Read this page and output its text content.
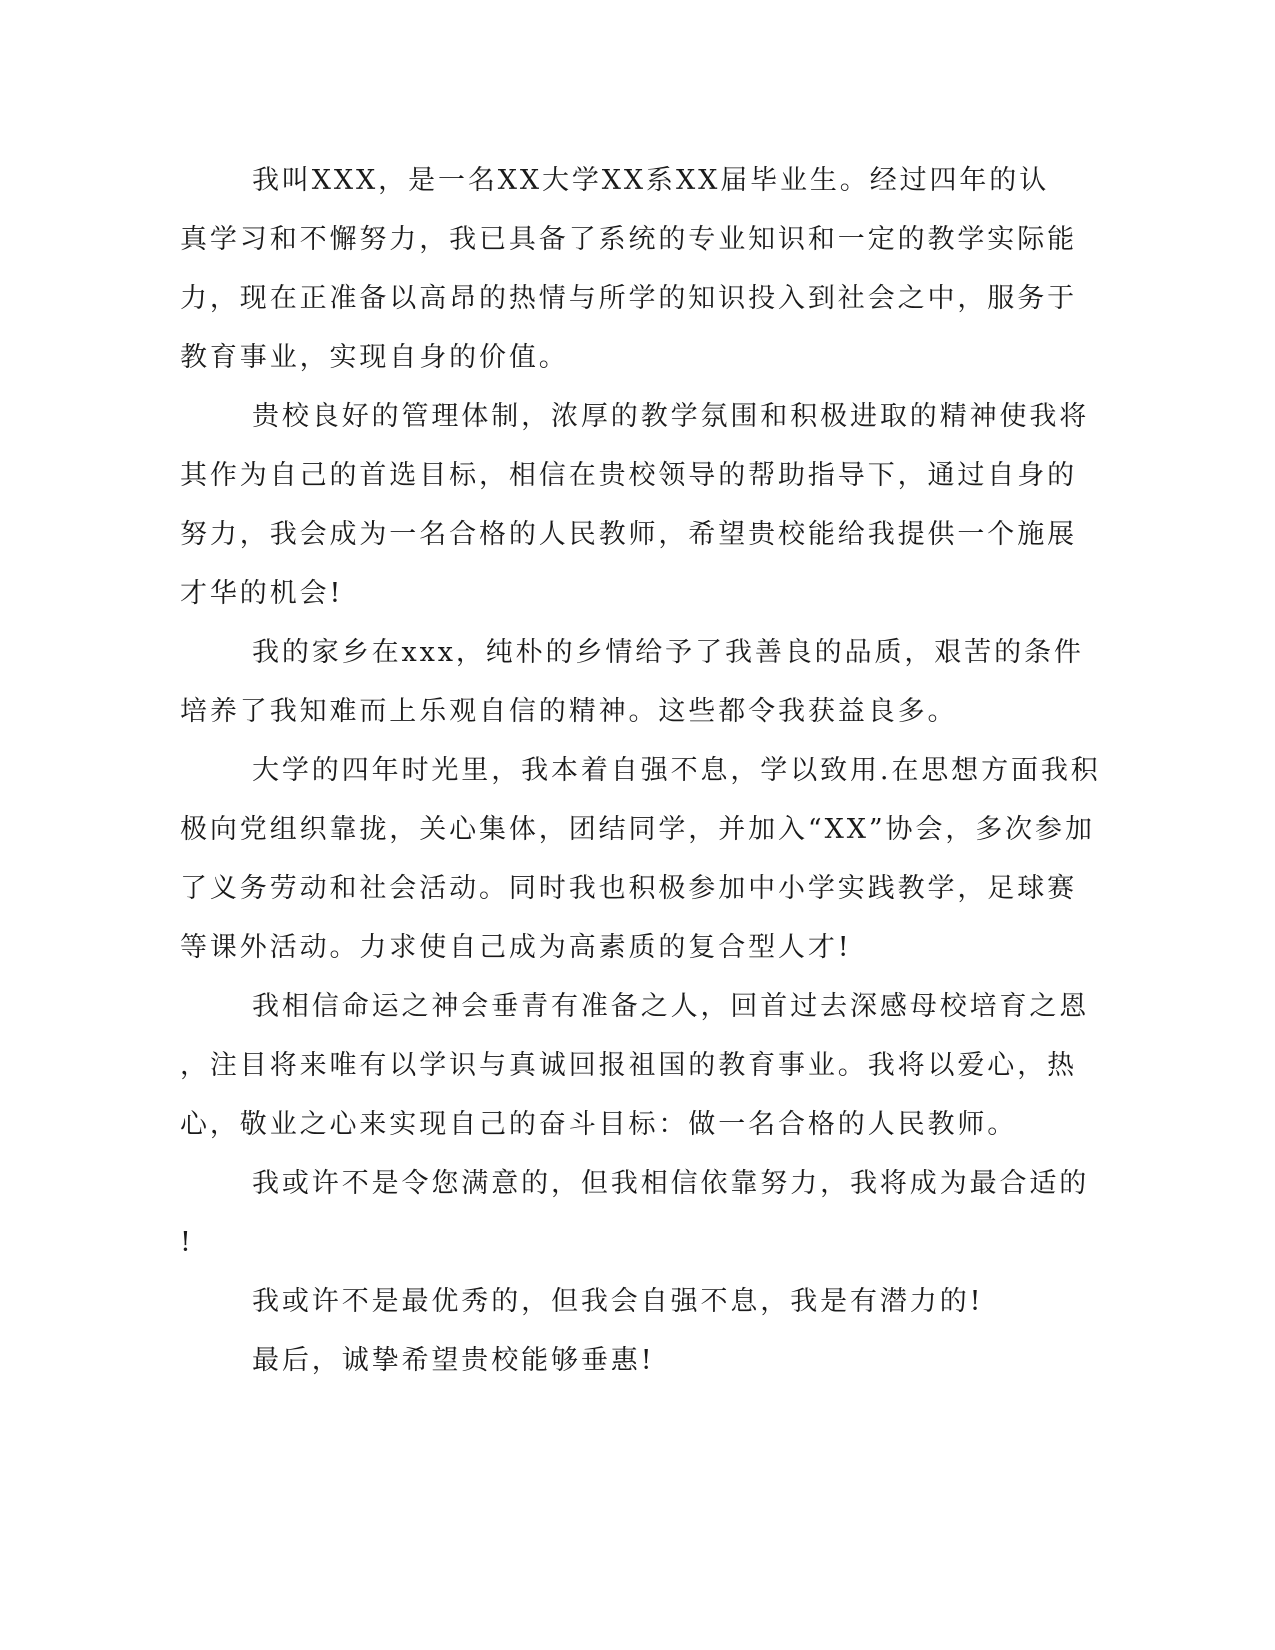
我叫XXX，是一名XX大学XX系XX届毕业生。经过四年的认
真学习和不懈努力，我已具备了系统的专业知识和一定的教学实际能
力，现在正准备以高昂的热情与所学的知识投入到社会之中，服务于
教育事业，实现自身的价值。
贵校良好的管理体制，浓厚的教学氛围和积极进取的精神使我将
其作为自己的首选目标，相信在贵校领导的帮助指导下，通过自身的
努力，我会成为一名合格的人民教师，希望贵校能给我提供一个施展
才华的机会!
我的家乡在xxx，纯朴的乡情给予了我善良的品质，艰苦的条件
培养了我知难而上乐观自信的精神。这些都令我获益良多。
大学的四年时光里，我本着自强不息，学以致用.在思想方面我积
极向党组织靠拢，关心集体，团结同学，并加入“XX”协会，多次参加
了义务劳动和社会活动。同时我也积极参加中小学实践教学，足球赛
等课外活动。力求使自己成为高素质的复合型人才!
我相信命运之神会垂青有准备之人，回首过去深感母校培育之恩
，注目将来唯有以学识与真诚回报祖国的教育事业。我将以爱心，热
心，敬业之心来实现自己的奋斗目标：做一名合格的人民教师。
我或许不是令您满意的，但我相信依靠努力，我将成为最合适的
!
我或许不是最优秀的，但我会自强不息，我是有潜力的!
最后，诚挚希望贵校能够垂惠!
